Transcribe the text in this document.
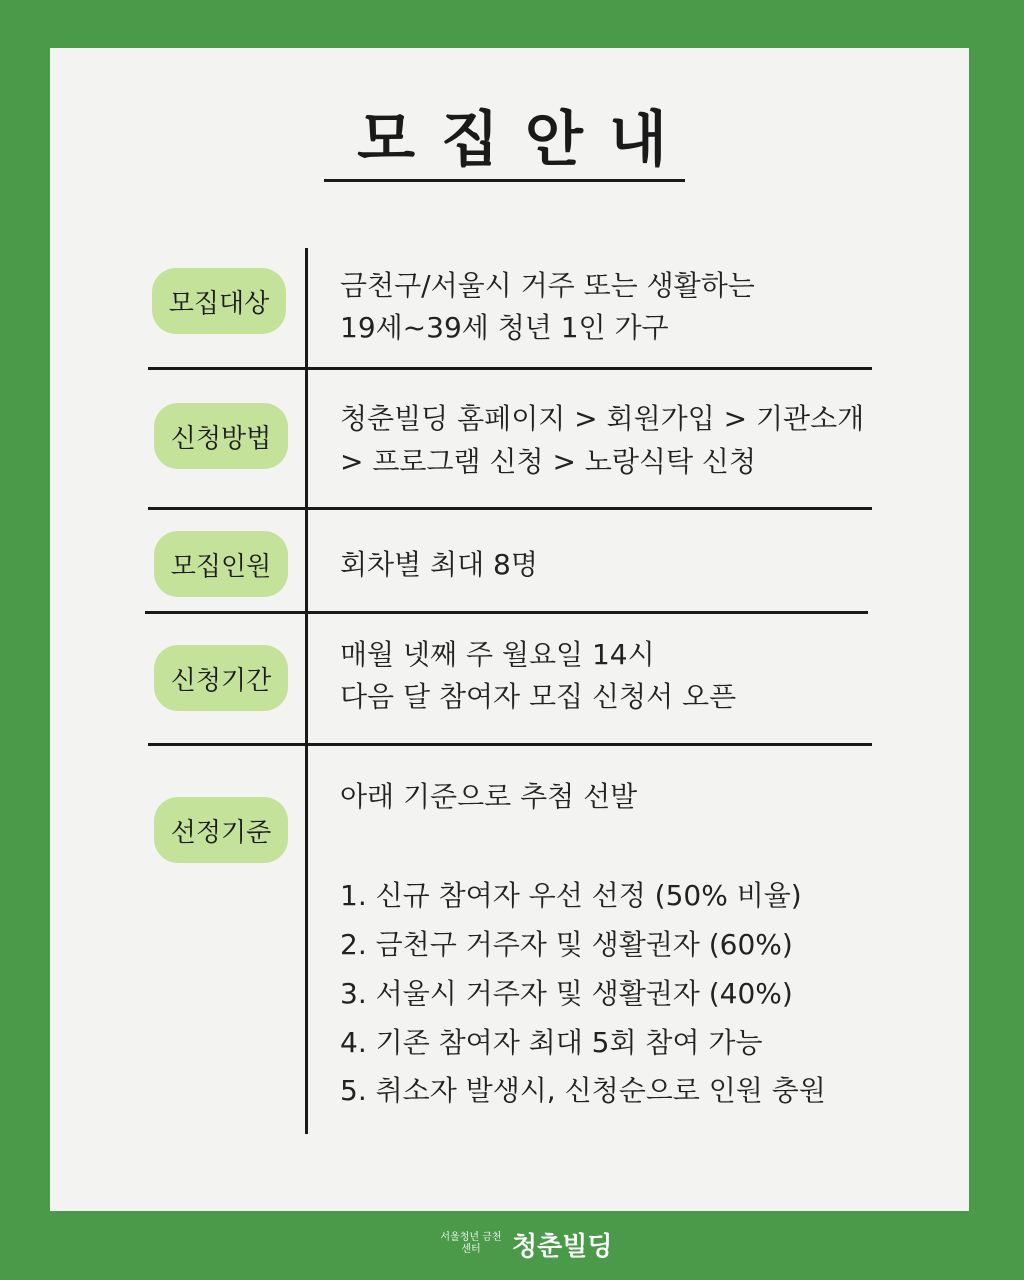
모집안내
모집대상
금천구/서울시 거주 또는 생활하는
19세~39세 청년 1인 가구
신청방법
청춘빌딩 홈페이지 > 회원가입 > 기관소개
> 프로그램 신청 > 노랑식탁 신청
모집인원	회차별 최대 8명
신청기간
매월 넷째 주 월요일 14시
다음 달 참여자 모집 신청서 오픈
선정기준
아래 기준으로 추첨 선발
1. 신규 참여자 우선 선정 (50% 비율)
2. 금천구 거주자 및 생활권자 (60%)
3. 서울시 거주자 및 생활권자 (40%)
4. 기존 참여자 최대 5회 참여 가능
5. 취소자 발생시, 신청순으로 인원 충원
서울청년 금천 센터	청춘빌딩
